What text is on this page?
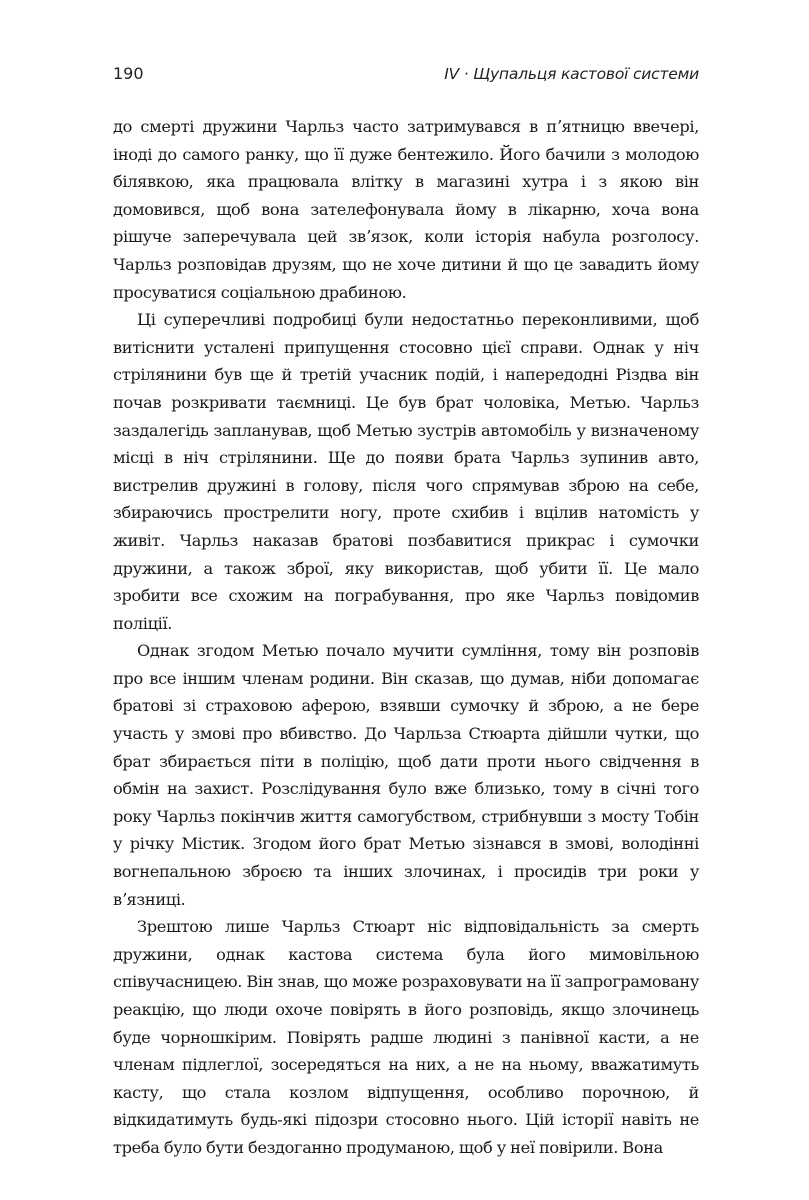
190	IV · Щупальця кастової системи

до смерті дружини Чарльз часто затримувався в пʼятницю ввечері, іноді до самого ранку, що її дуже бентежило. Його бачили з молодою білявкою, яка працювала влітку в магазині хутра і з якою він домовився, щоб вона зателефонувала йому в лікарню, хоча вона рішуче заперечувала цей звʼязок, коли історія набула розголосу. Чарльз розповідав друзям, що не хоче дитини й що це завадить йому просуватися соціальною драбиною.

Ці суперечливі подробиці були недостатньо переконливими, щоб витіснити усталені припущення стосовно цієї справи. Однак у ніч стрілянини був ще й третій учасник подій, і напередодні Різдва він почав розкривати таємниці. Це був брат чоловіка, Метью. Чарльз заздалегідь запланував, щоб Метью зустрів автомобіль у визначеному місці в ніч стрілянини. Ще до появи брата Чарльз зупинив авто, вистрелив дружині в голову, після чого спрямував зброю на себе, збираючись прострелити ногу, проте схибив і вцілив натомість у живіт. Чарльз наказав братові позбавитися прикрас і сумочки дружини, а також зброї, яку використав, щоб убити її. Це мало зробити все схожим на пограбування, про яке Чарльз повідомив поліції.

Однак згодом Метью почало мучити сумління, тому він розповів про все іншим членам родини. Він сказав, що думав, ніби допомагає братові зі страховою аферою, взявши сумочку й зброю, а не бере участь у змові про вбивство. До Чарльза Стюарта дійшли чутки, що брат збирається піти в поліцію, щоб дати проти нього свідчення в обмін на захист. Розслідування було вже близько, тому в січні того року Чарльз покінчив життя самогубством, стрибнувши з мосту Тобін у річку Містик. Згодом його брат Метью зізнався в змові, володінні вогнепальною зброєю та інших злочинах, і просидів три роки у вʼязниці.

Зрештою лише Чарльз Стюарт ніс відповідальність за смерть дружини, однак кастова система була його мимовільною співучасницею. Він знав, що може розраховувати на її запрограмовану реакцію, що люди охоче повірять в його розповідь, якщо злочинець буде чорношкірим. Повірять радше людині з панівної касти, а не членам підлеглої, зосередяться на них, а не на ньому, вважатимуть касту, що стала козлом відпущення, особливо порочною, й відкидатимуть будь-які підозри стосовно нього. Цій історії навіть не треба було бути бездоганно продуманою, щоб у неї повірили. Вона
